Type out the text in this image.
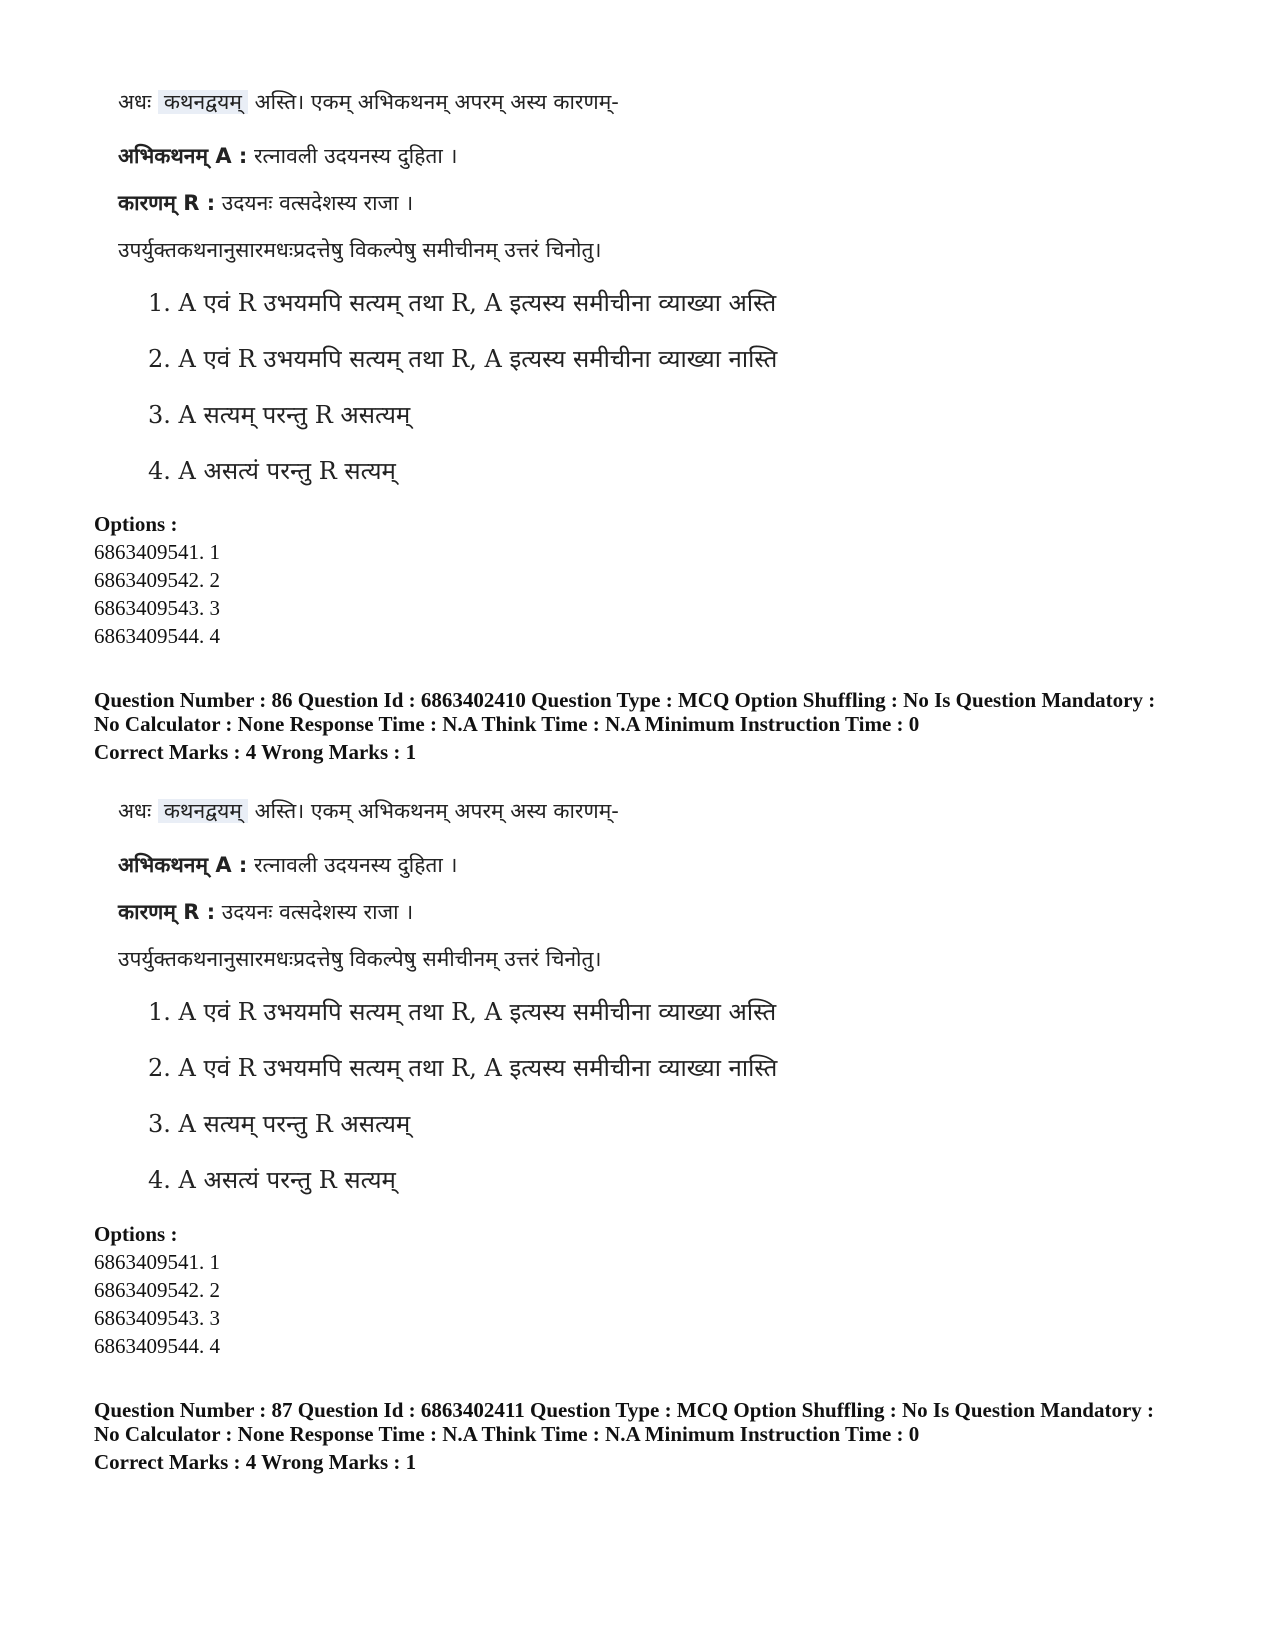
अधः कथनद्वयम् अस्ति। एकम् अभिकथनम् अपरम् अस्य कारणम्-
अभिकथनम् A : रत्नावली उदयनस्य दुहिता ।
कारणम् R : उदयनः वत्सदेशस्य राजा ।
उपर्युक्तकथनानुसारमधःप्रदत्तेषु विकल्पेषु समीचीनम् उत्तरं चिनोतु।
1. A एवं R उभयमपि सत्यम् तथा R, A इत्यस्य समीचीना व्याख्या अस्ति
2. A एवं R उभयमपि सत्यम् तथा R, A इत्यस्य समीचीना व्याख्या नास्ति
3. A सत्यम् परन्तु R असत्यम्
4. A असत्यं परन्तु R सत्यम्
Options :
6863409541. 1
6863409542. 2
6863409543. 3
6863409544. 4
Question Number : 86 Question Id : 6863402410 Question Type : MCQ Option Shuffling : No Is Question Mandatory :
No Calculator : None Response Time : N.A Think Time : N.A Minimum Instruction Time : 0
Correct Marks : 4 Wrong Marks : 1
अधः कथनद्वयम् अस्ति। एकम् अभिकथनम् अपरम् अस्य कारणम्-
अभिकथनम् A : रत्नावली उदयनस्य दुहिता ।
कारणम् R : उदयनः वत्सदेशस्य राजा ।
उपर्युक्तकथनानुसारमधःप्रदत्तेषु विकल्पेषु समीचीनम् उत्तरं चिनोतु।
1. A एवं R उभयमपि सत्यम् तथा R, A इत्यस्य समीचीना व्याख्या अस्ति
2. A एवं R उभयमपि सत्यम् तथा R, A इत्यस्य समीचीना व्याख्या नास्ति
3. A सत्यम् परन्तु R असत्यम्
4. A असत्यं परन्तु R सत्यम्
Options :
6863409541. 1
6863409542. 2
6863409543. 3
6863409544. 4
Question Number : 87 Question Id : 6863402411 Question Type : MCQ Option Shuffling : No Is Question Mandatory :
No Calculator : None Response Time : N.A Think Time : N.A Minimum Instruction Time : 0
Correct Marks : 4 Wrong Marks : 1
